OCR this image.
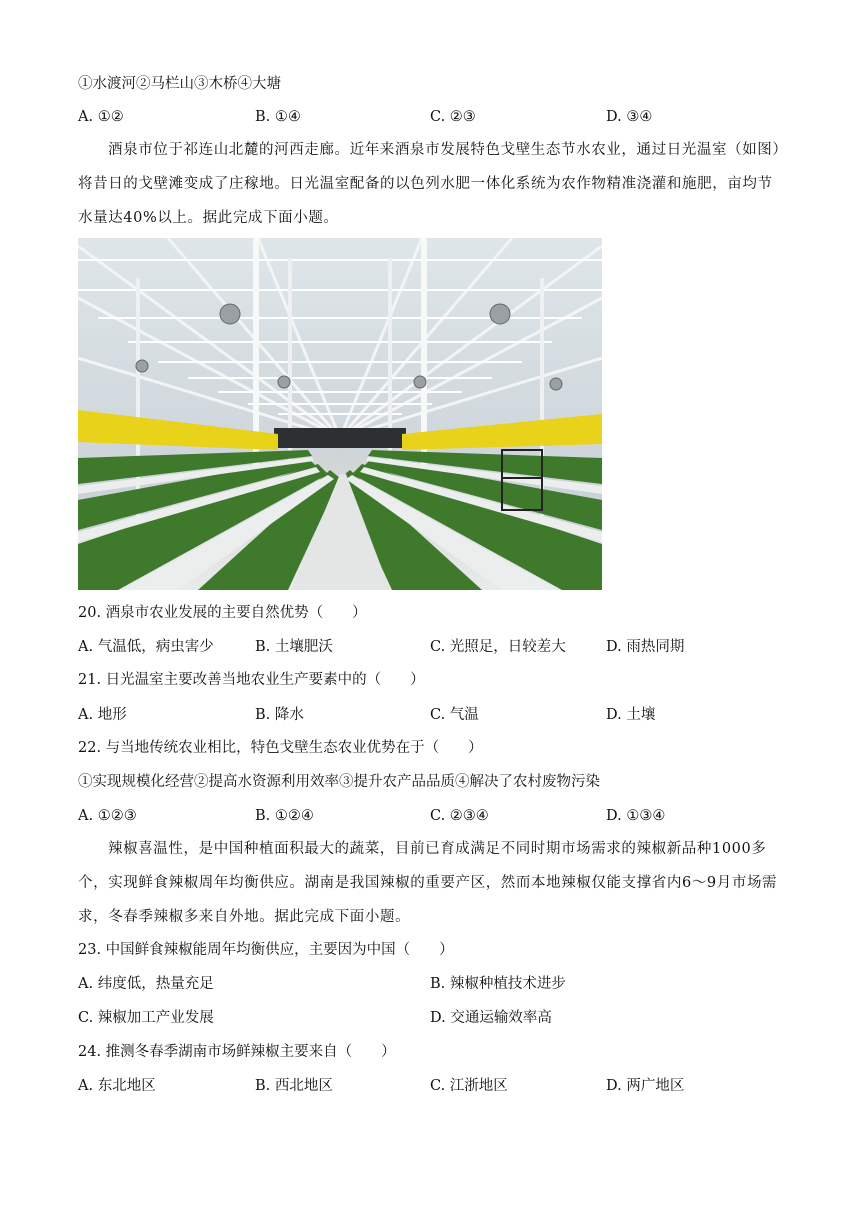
①水渡河②马栏山③木桥④大塘
A. ①②	B. ①④	C. ②③	D. ③④
酒泉市位于祁连山北麓的河西走廊。近年来酒泉市发展特色戈壁生态节水农业，通过日光温室（如图）将昔日的戈壁滩变成了庄稼地。日光温室配备的以色列水肥一体化系统为农作物精准浇灌和施肥，亩均节水量达40%以上。据此完成下面小题。
20. 酒泉市农业发展的主要自然优势（　　）
A. 气温低，病虫害少	B. 土壤肥沃	C. 光照足，日较差大	D. 雨热同期
21. 日光温室主要改善当地农业生产要素中的（　　）
A. 地形	B. 降水	C. 气温	D. 土壤
22. 与当地传统农业相比，特色戈壁生态农业优势在于（　　）
①实现规模化经营②提高水资源利用效率③提升农产品品质④解决了农村废物污染
A. ①②③	B. ①②④	C. ②③④	D. ①③④
辣椒喜温性，是中国种植面积最大的蔬菜，目前已育成满足不同时期市场需求的辣椒新品种1000多个，实现鲜食辣椒周年均衡供应。湖南是我国辣椒的重要产区，然而本地辣椒仅能支撑省内6～9月市场需求，冬春季辣椒多来自外地。据此完成下面小题。
23. 中国鲜食辣椒能周年均衡供应，主要因为中国（　　）
A. 纬度低，热量充足	B. 辣椒种植技术进步
C. 辣椒加工产业发展	D. 交通运输效率高
24. 推测冬春季湖南市场鲜辣椒主要来自（　　）
A. 东北地区	B. 西北地区	C. 江浙地区	D. 两广地区
